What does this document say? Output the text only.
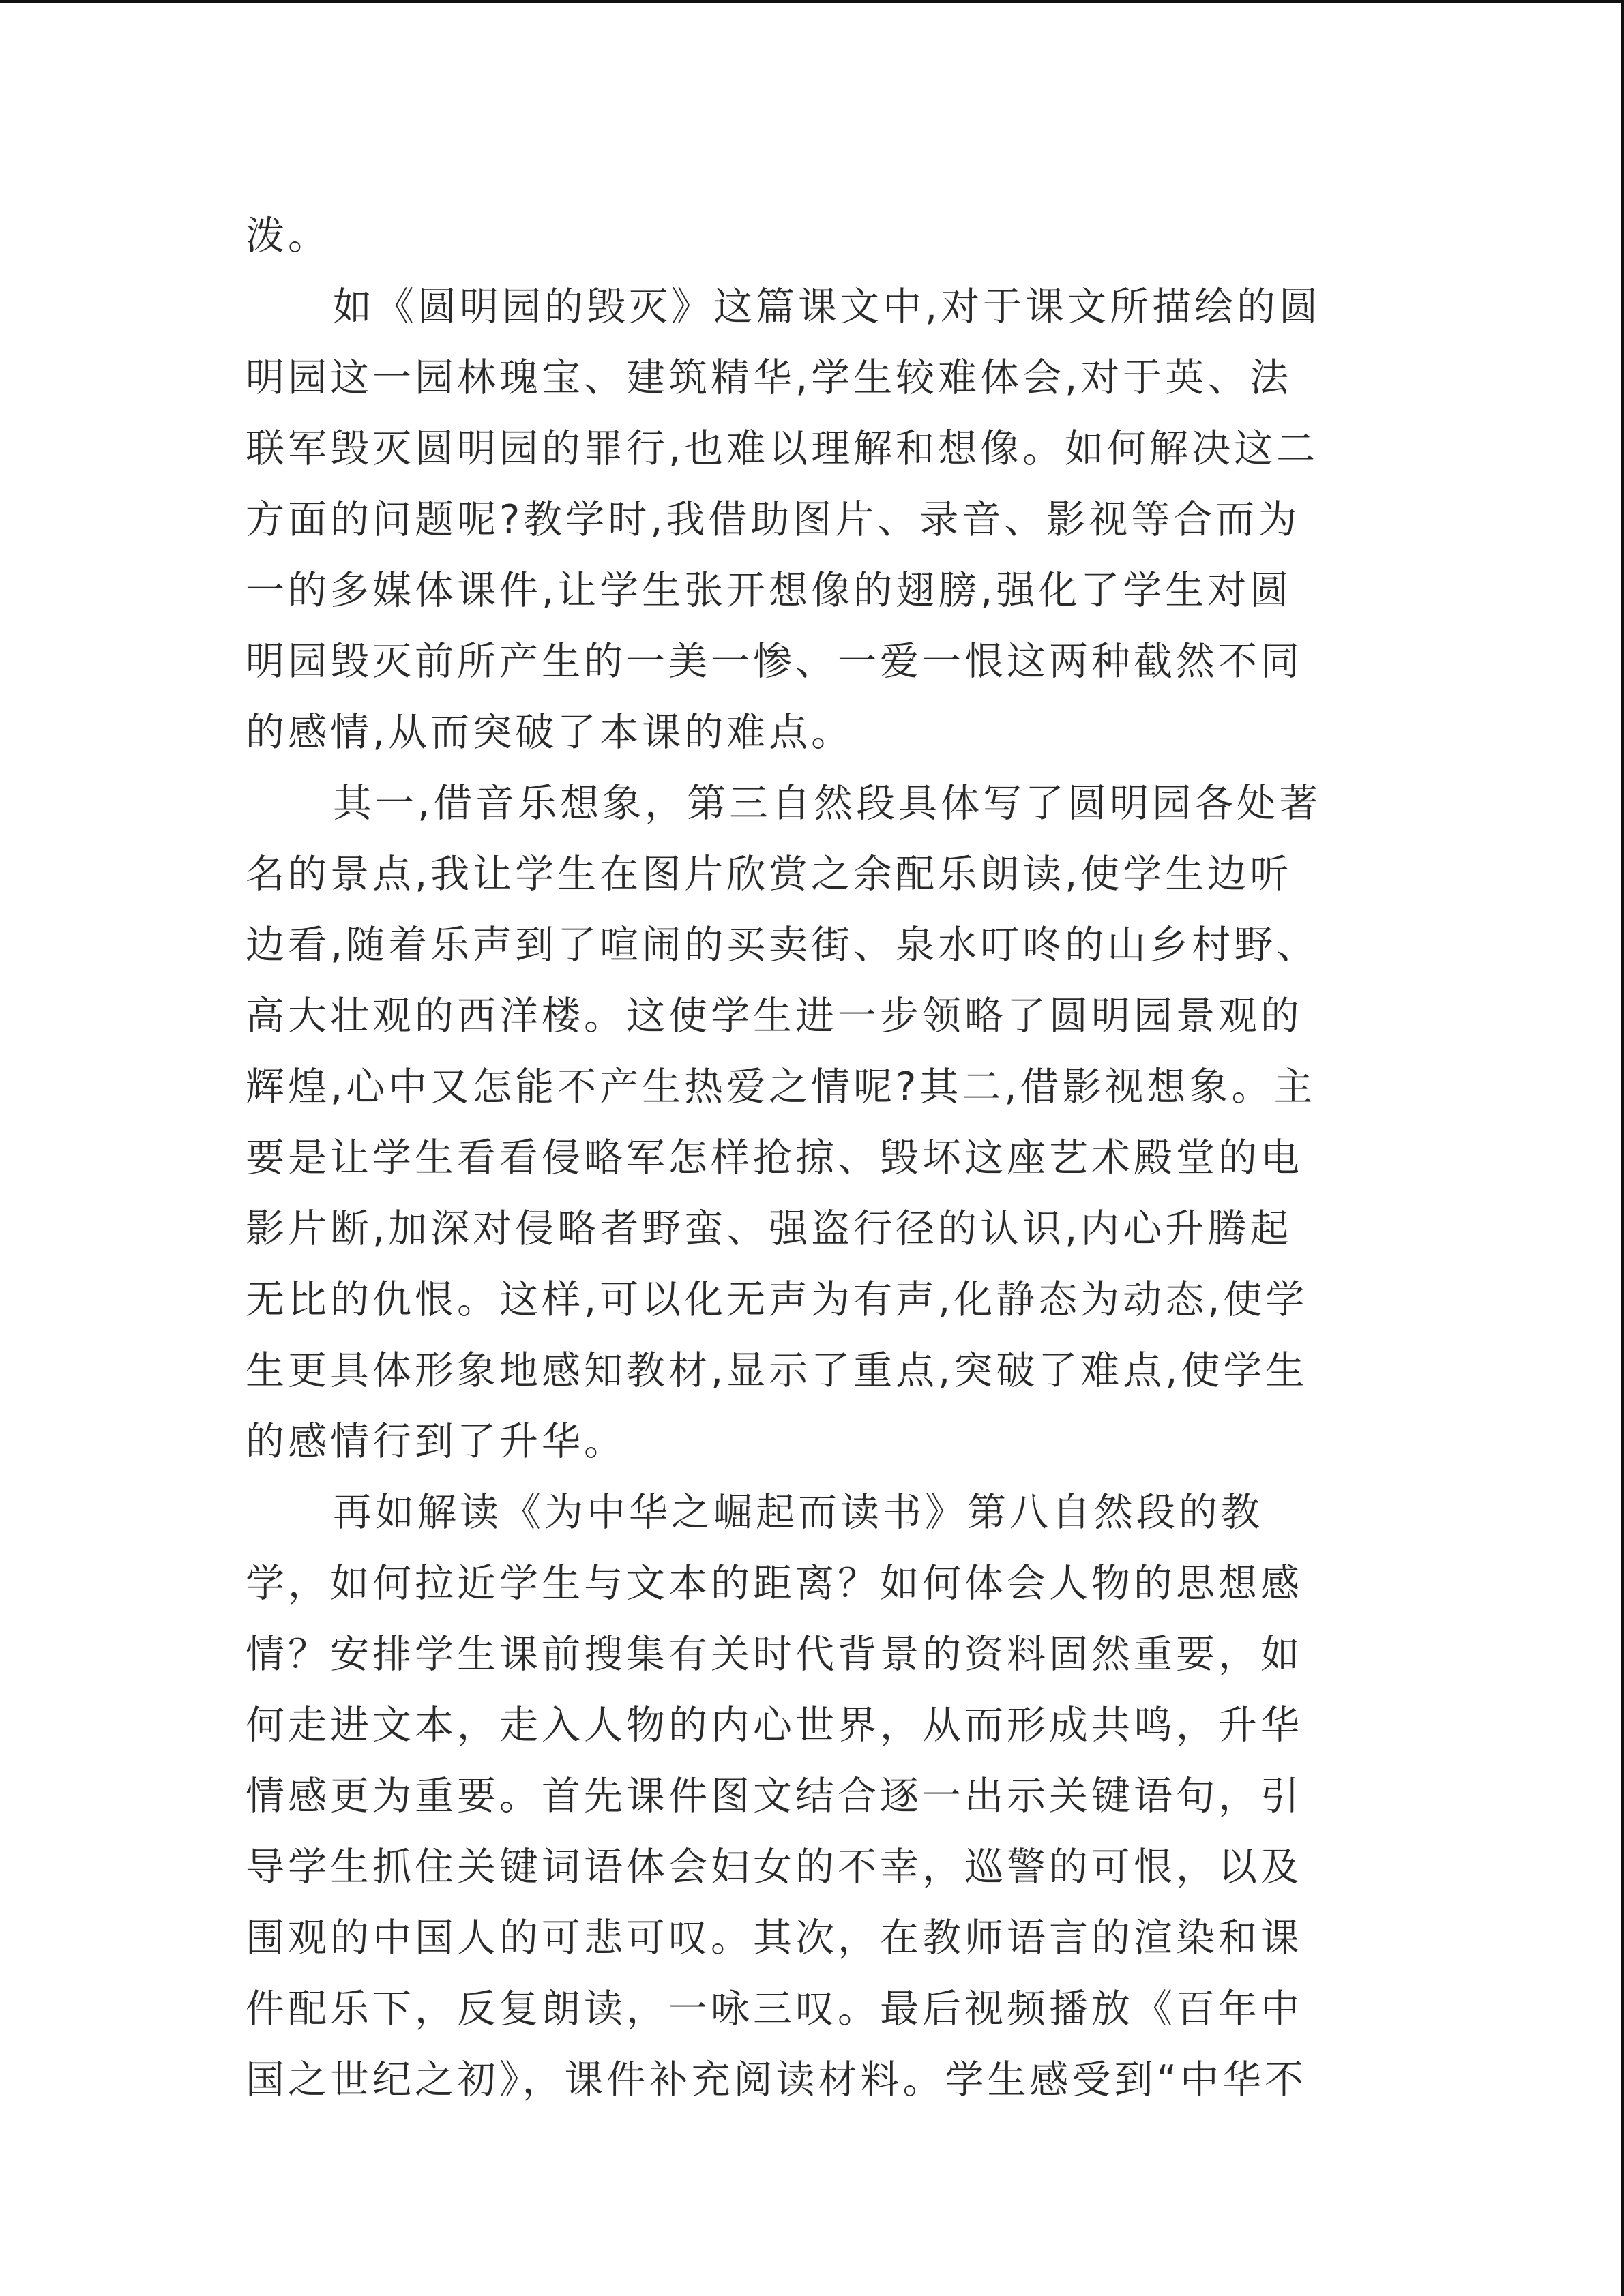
泼。
如《圆明园的毁灭》这篇课文中,对于课文所描绘的圆
明园这一园林瑰宝、建筑精华,学生较难体会,对于英、法
联军毁灭圆明园的罪行,也难以理解和想像。如何解决这二
方面的问题呢?教学时,我借助图片、录音、影视等合而为
一的多媒体课件,让学生张开想像的翅膀,强化了学生对圆
明园毁灭前所产生的一美一惨、一爱一恨这两种截然不同
的感情,从而突破了本课的难点。
其一,借音乐想象，第三自然段具体写了圆明园各处著
名的景点,我让学生在图片欣赏之余配乐朗读,使学生边听
边看,随着乐声到了喧闹的买卖街、泉水叮咚的山乡村野、
高大壮观的西洋楼。这使学生进一步领略了圆明园景观的
辉煌,心中又怎能不产生热爱之情呢?其二,借影视想象。主
要是让学生看看侵略军怎样抢掠、毁坏这座艺术殿堂的电
影片断,加深对侵略者野蛮、强盗行径的认识,内心升腾起
无比的仇恨。这样,可以化无声为有声,化静态为动态,使学
生更具体形象地感知教材,显示了重点,突破了难点,使学生
的感情行到了升华。
再如解读《为中华之崛起而读书》第八自然段的教
学，如何拉近学生与文本的距离？如何体会人物的思想感
情？安排学生课前搜集有关时代背景的资料固然重要，如
何走进文本，走入人物的内心世界，从而形成共鸣，升华
情感更为重要。首先课件图文结合逐一出示关键语句，引
导学生抓住关键词语体会妇女的不幸，巡警的可恨，以及
围观的中国人的可悲可叹。其次，在教师语言的渲染和课
件配乐下，反复朗读，一咏三叹。最后视频播放《百年中
国之世纪之初》，课件补充阅读材料。学生感受到“中华不
